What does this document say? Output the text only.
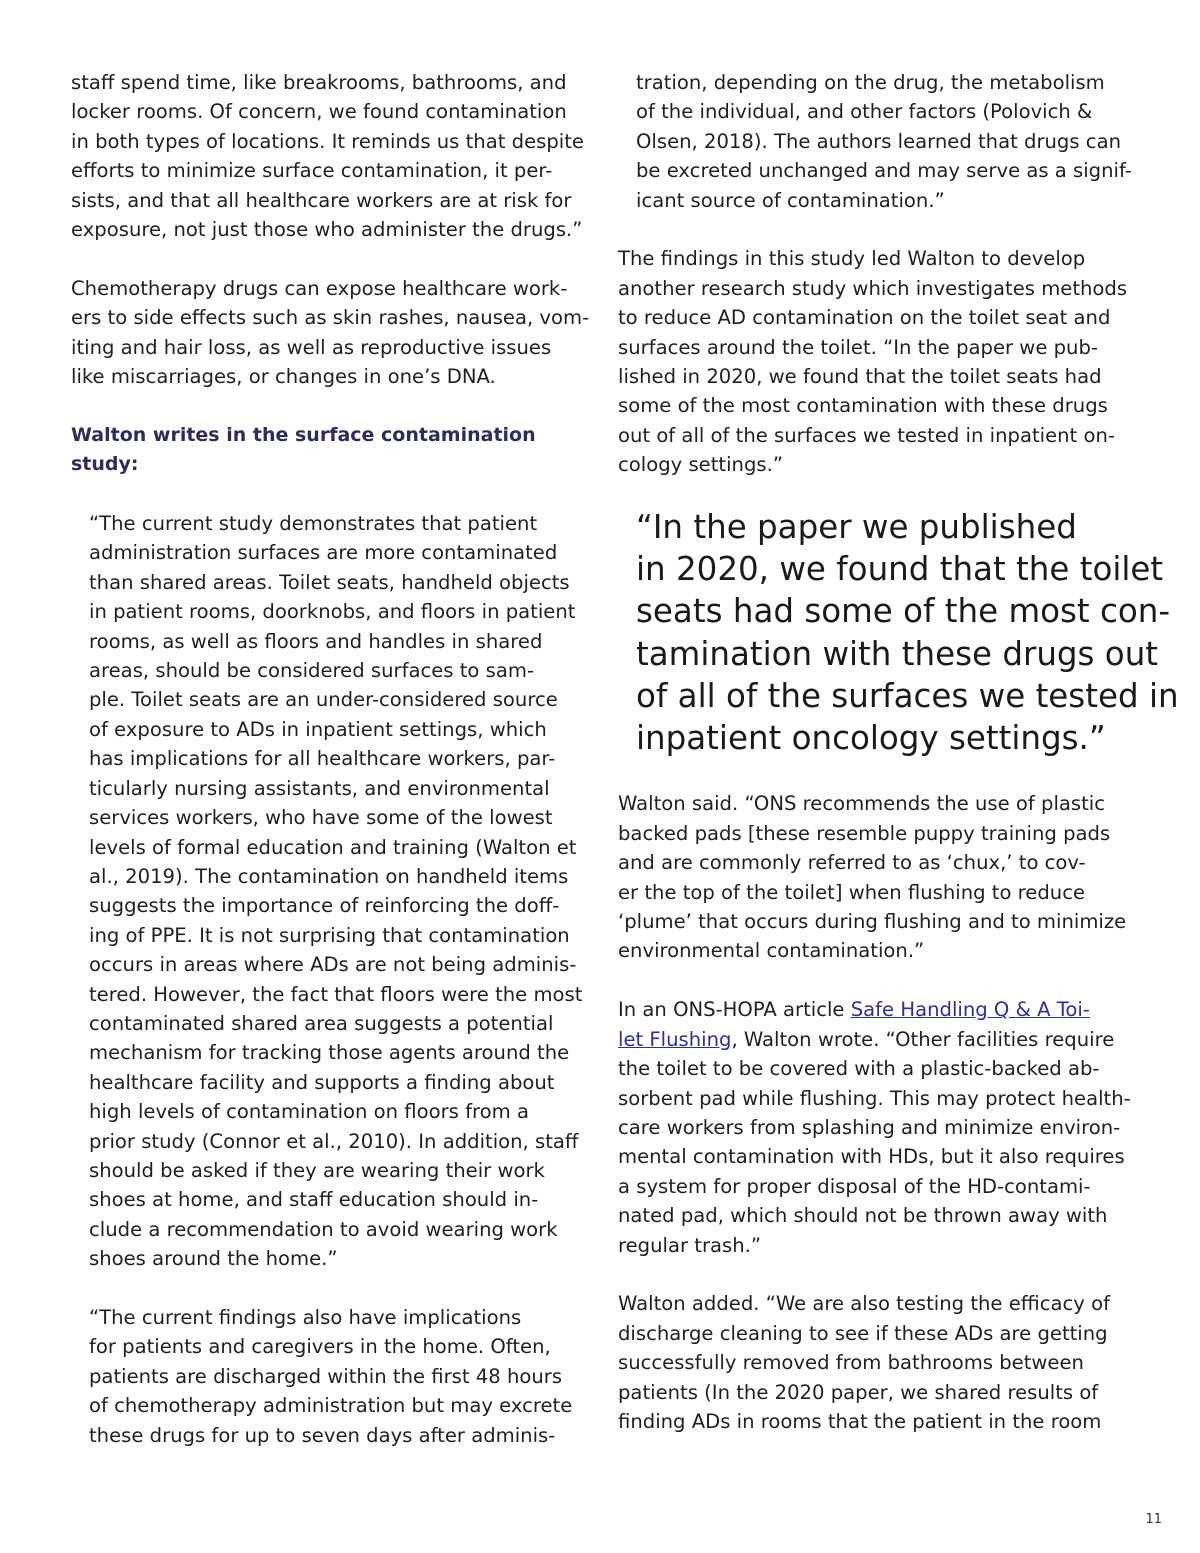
staff spend time, like breakrooms, bathrooms, and
locker rooms. Of concern, we found contamination
in both types of locations. It reminds us that despite
efforts to minimize surface contamination, it per-
sists, and that all healthcare workers are at risk for
exposure, not just those who administer the drugs.”

Chemotherapy drugs can expose healthcare work-
ers to side effects such as skin rashes, nausea, vom-
iting and hair loss, as well as reproductive issues
like miscarriages, or changes in one’s DNA.

Walton writes in the surface contamination study:

“The current study demonstrates that patient
administration surfaces are more contaminated
than shared areas. Toilet seats, handheld objects
in patient rooms, doorknobs, and floors in patient
rooms, as well as floors and handles in shared
areas, should be considered surfaces to sam-
ple. Toilet seats are an under-considered source
of exposure to ADs in inpatient settings, which
has implications for all healthcare workers, par-
ticularly nursing assistants, and environmental
services workers, who have some of the lowest
levels of formal education and training (Walton et
al., 2019). The contamination on handheld items
suggests the importance of reinforcing the doff-
ing of PPE. It is not surprising that contamination
occurs in areas where ADs are not being adminis-
tered. However, the fact that floors were the most
contaminated shared area suggests a potential
mechanism for tracking those agents around the
healthcare facility and supports a finding about
high levels of contamination on floors from a
prior study (Connor et al., 2010). In addition, staff
should be asked if they are wearing their work
shoes at home, and staff education should in-
clude a recommendation to avoid wearing work
shoes around the home.”

“The current findings also have implications
for patients and caregivers in the home. Often,
patients are discharged within the first 48 hours
of chemotherapy administration but may excrete
these drugs for up to seven days after adminis-

tration, depending on the drug, the metabolism
of the individual, and other factors (Polovich &
Olsen, 2018). The authors learned that drugs can
be excreted unchanged and may serve as a signif-
icant source of contamination.”

The findings in this study led Walton to develop
another research study which investigates methods
to reduce AD contamination on the toilet seat and
surfaces around the toilet. “In the paper we pub-
lished in 2020, we found that the toilet seats had
some of the most contamination with these drugs
out of all of the surfaces we tested in inpatient on-
cology settings.”

“In the paper we published
in 2020, we found that the toilet
seats had some of the most con-
tamination with these drugs out
of all of the surfaces we tested in
inpatient oncology settings.”

Walton said. “ONS recommends the use of plastic
backed pads [these resemble puppy training pads
and are commonly referred to as ‘chux,’ to cov-
er the top of the toilet] when flushing to reduce
‘plume’ that occurs during flushing and to minimize
environmental contamination.”

In an ONS-HOPA article Safe Handling Q & A Toi-
let Flushing, Walton wrote. “Other facilities require
the toilet to be covered with a plastic-backed ab-
sorbent pad while flushing. This may protect health-
care workers from splashing and minimize environ-
mental contamination with HDs, but it also requires
a system for proper disposal of the HD-contami-
nated pad, which should not be thrown away with
regular trash.”

Walton added. “We are also testing the efficacy of
discharge cleaning to see if these ADs are getting
successfully removed from bathrooms between
patients (In the 2020 paper, we shared results of
finding ADs in rooms that the patient in the room

11
